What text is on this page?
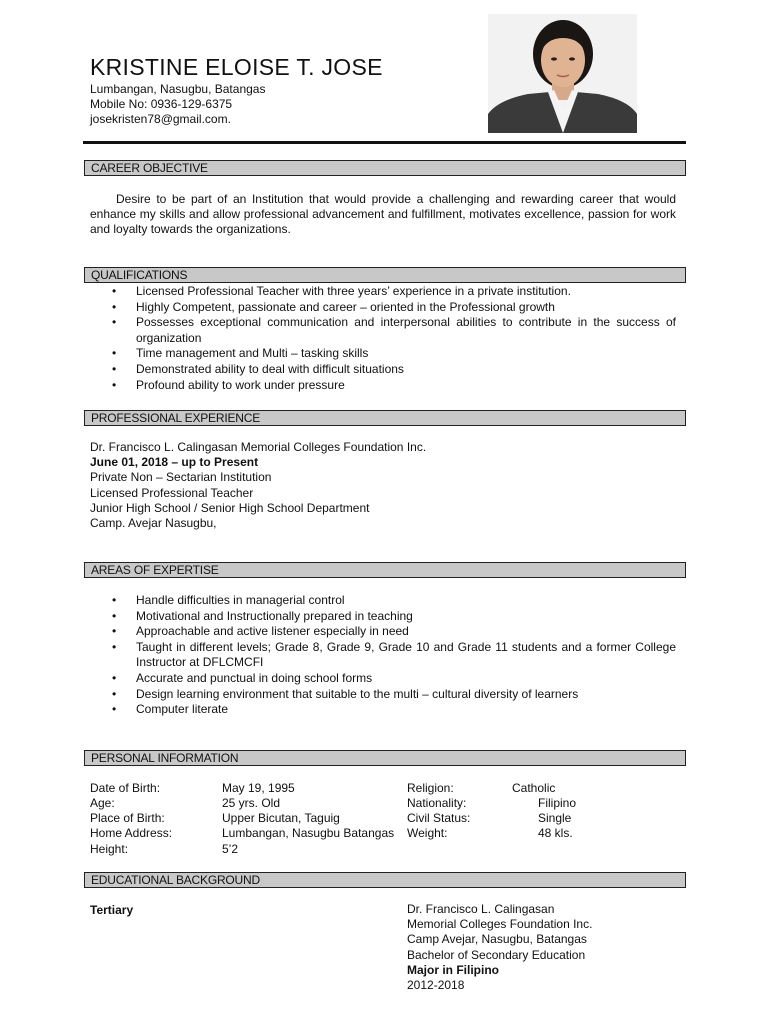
KRISTINE ELOISE T. JOSE
Lumbangan, Nasugbu, Batangas
Mobile No: 0936-129-6375
josekristen78@gmail.com.
CAREER OBJECTIVE
Desire to be part of an Institution that would provide a challenging and rewarding career that would enhance my skills and allow professional advancement and fulfillment, motivates excellence, passion for work and loyalty towards the organizations.
QUALIFICATIONS
• Licensed Professional Teacher with three years’ experience in a private institution.
• Highly Competent, passionate and career – oriented in the Professional growth
• Possesses exceptional communication and interpersonal abilities to contribute in the success of organization
• Time management and Multi – tasking skills
• Demonstrated ability to deal with difficult situations
• Profound ability to work under pressure
PROFESSIONAL EXPERIENCE
Dr. Francisco L. Calingasan Memorial Colleges Foundation Inc.
June 01, 2018 – up to Present
Private Non – Sectarian Institution
Licensed Professional Teacher
Junior High School / Senior High School Department
Camp. Avejar Nasugbu,
AREAS OF EXPERTISE
• Handle difficulties in managerial control
• Motivational and Instructionally prepared in teaching
• Approachable and active listener especially in need
• Taught in different levels; Grade 8, Grade 9, Grade 10 and Grade 11 students and a former College Instructor at DFLCMCFI
• Accurate and punctual in doing school forms
• Design learning environment that suitable to the multi – cultural diversity of learners
• Computer literate
PERSONAL INFORMATION
Date of Birth:	May 19, 1995	Religion:	Catholic
Age:	25 yrs. Old	Nationality:	Filipino
Place of Birth:	Upper Bicutan, Taguig	Civil Status:	Single
Home Address:	Lumbangan, Nasugbu Batangas Weight:	48 kls.
Height:	5’2
EDUCATIONAL BACKGROUND
Tertiary	Dr. Francisco L. Calingasan
Memorial Colleges Foundation Inc.
Camp Avejar, Nasugbu, Batangas
Bachelor of Secondary Education
Major in Filipino
2012-2018
